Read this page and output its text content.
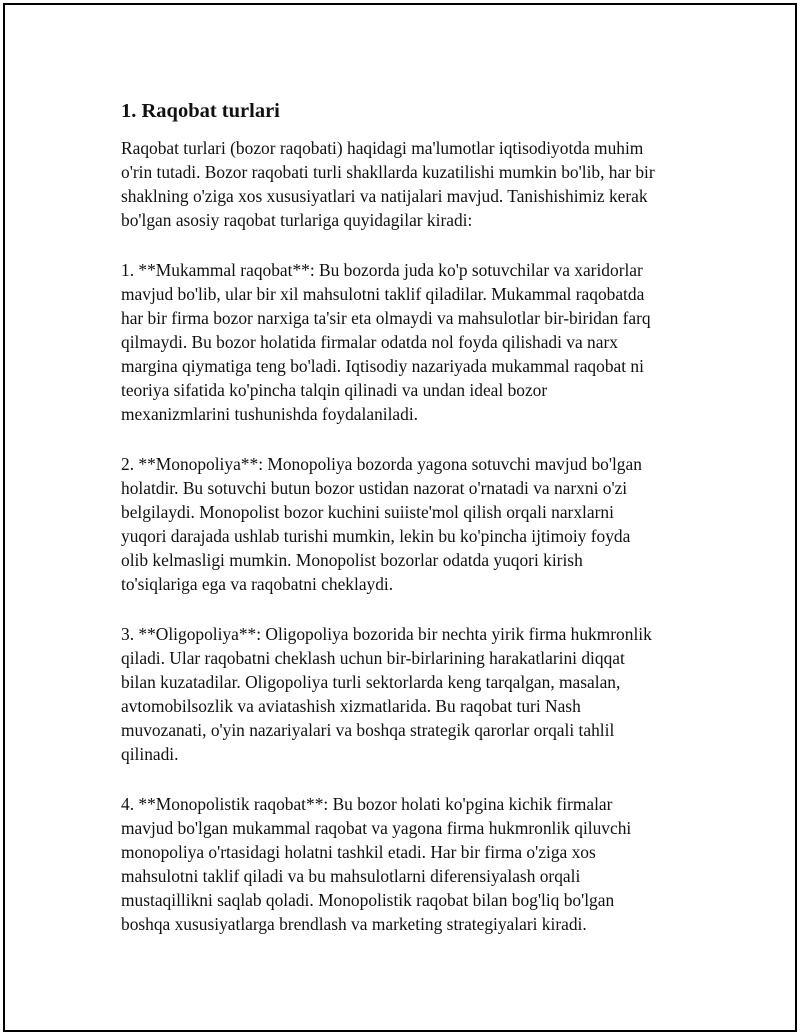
1. Raqobat turlari
Raqobat turlari (bozor raqobati) haqidagi ma'lumotlar iqtisodiyotda muhim
o'rin tutadi. Bozor raqobati turli shakllarda kuzatilishi mumkin bo'lib, har bir
shaklning o'ziga xos xususiyatlari va natijalari mavjud. Tanishishimiz kerak
bo'lgan asosiy raqobat turlariga quyidagilar kiradi:
1. **Mukammal raqobat**: Bu bozorda juda ko'p sotuvchilar va xaridorlar
mavjud bo'lib, ular bir xil mahsulotni taklif qiladilar. Mukammal raqobatda
har bir firma bozor narxiga ta'sir eta olmaydi va mahsulotlar bir-biridan farq
qilmaydi. Bu bozor holatida firmalar odatda nol foyda qilishadi va narx
margina qiymatiga teng bo'ladi. Iqtisodiy nazariyada mukammal raqobat ni
teoriya sifatida ko'pincha talqin qilinadi va undan ideal bozor
mexanizmlarini tushunishda foydalaniladi.
2. **Monopoliya**: Monopoliya bozorda yagona sotuvchi mavjud bo'lgan
holatdir. Bu sotuvchi butun bozor ustidan nazorat o'rnatadi va narxni o'zi
belgilaydi. Monopolist bozor kuchini suiiste'mol qilish orqali narxlarni
yuqori darajada ushlab turishi mumkin, lekin bu ko'pincha ijtimoiy foyda
olib kelmasligi mumkin. Monopolist bozorlar odatda yuqori kirish
to'siqlariga ega va raqobatni cheklaydi.
3. **Oligopoliya**: Oligopoliya bozorida bir nechta yirik firma hukmronlik
qiladi. Ular raqobatni cheklash uchun bir-birlarining harakatlarini diqqat
bilan kuzatadilar. Oligopoliya turli sektorlarda keng tarqalgan, masalan,
avtomobilsozlik va aviatashish xizmatlarida. Bu raqobat turi Nash
muvozanati, o'yin nazariyalari va boshqa strategik qarorlar orqali tahlil
qilinadi.
4. **Monopolistik raqobat**: Bu bozor holati ko'pgina kichik firmalar
mavjud bo'lgan mukammal raqobat va yagona firma hukmronlik qiluvchi
monopoliya o'rtasidagi holatni tashkil etadi. Har bir firma o'ziga xos
mahsulotni taklif qiladi va bu mahsulotlarni diferensiyalash orqali
mustaqillikni saqlab qoladi. Monopolistik raqobat bilan bog'liq bo'lgan
boshqa xususiyatlarga brendlash va marketing strategiyalari kiradi.
